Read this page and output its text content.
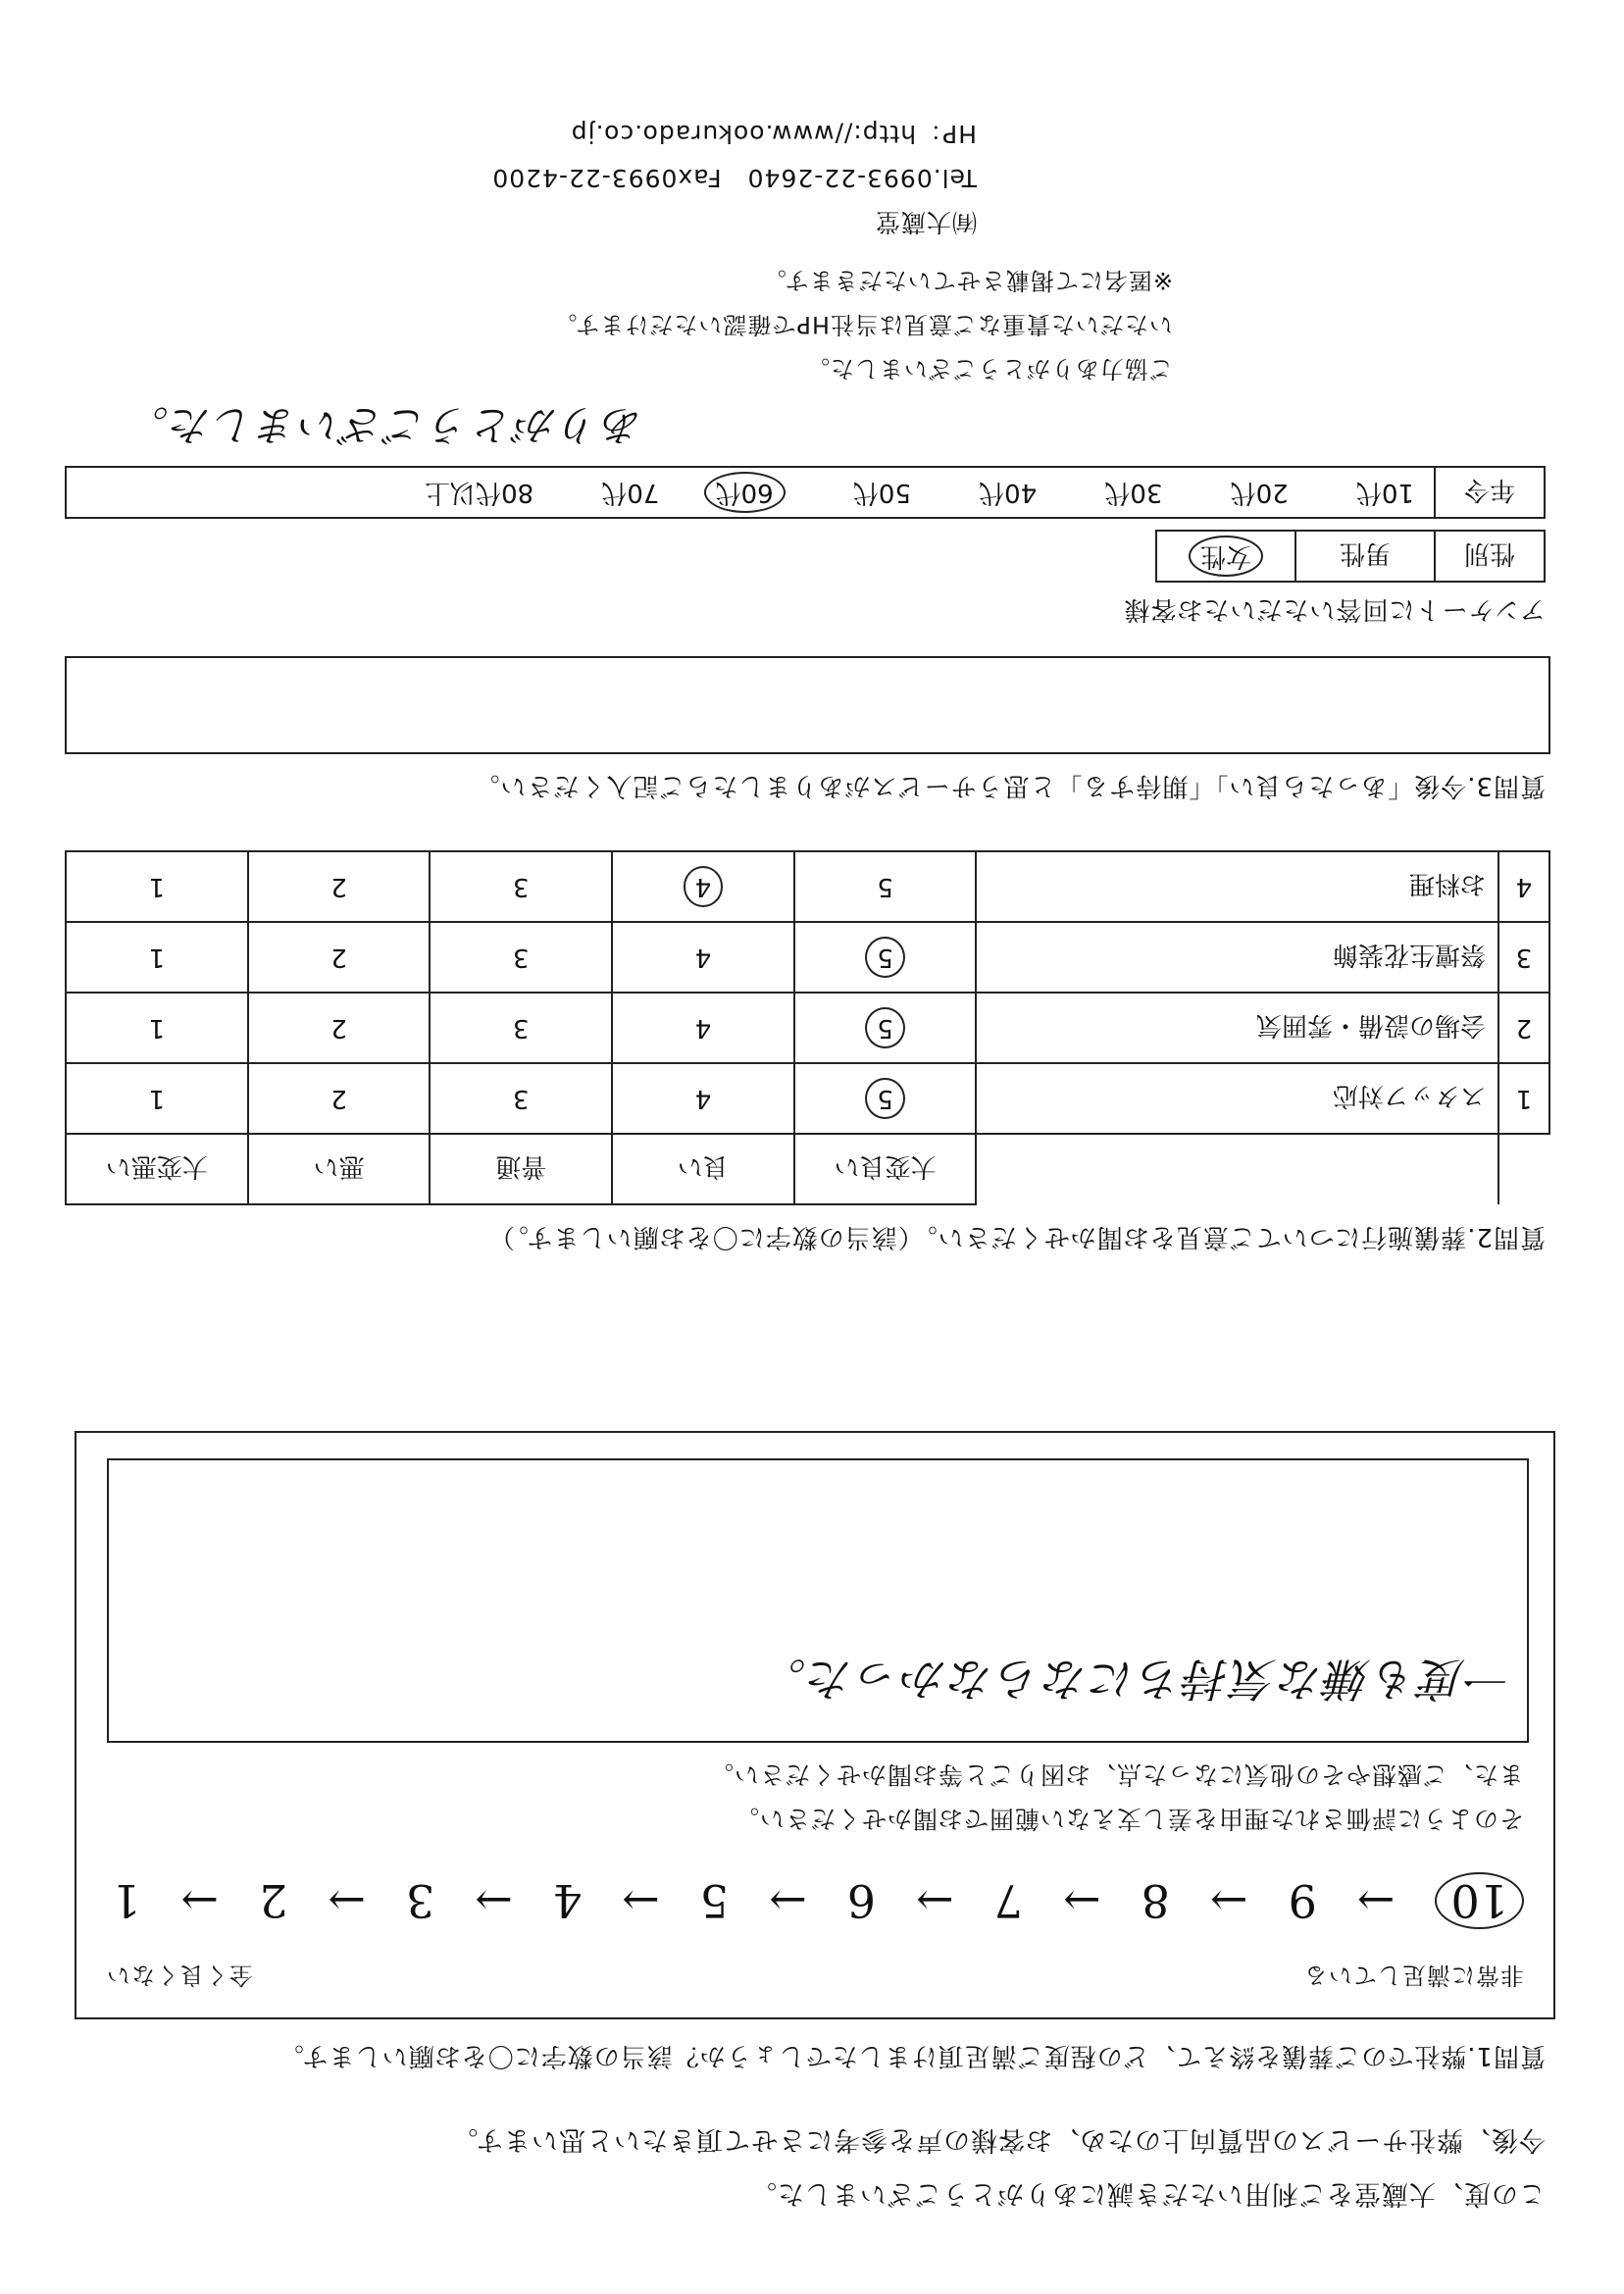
この度、大蔵堂をご利用いただき誠にありがとうございました。
今後、弊社サービスの品質向上のため、お客様の声を参考にさせて頂きたいと思います。
質問1.弊社でのご葬儀を終えて、どの程度ご満足頂けましたでしょうか？該当の数字に〇をお願いします。
非常に満足している
全く良くない
10
→
9
→
8
→
7
→
6
→
5
→
4
→
3
→
2
→
1
そのように評価された理由を差し支えない範囲でお聞かせください。
また、ご感想やその他気になった点、お困りごと等お聞かせください。
一度も嫌な気持ちにならなかった。
質問2.葬儀施行についてご意見をお聞かせください。（該当の数字に〇をお願いします。）
		大変良い	良い	普通	悪い	大変悪い
1	スタッフ対応	5	4	3	2	1
2	会場の設備・雰囲気	5	4	3	2	1
3	祭壇生花装飾	5	4	3	2	1
4	お料理	5	4	3	2	1
質問3.今後「あったら良い」「期待する」と思うサービスがありましたらご記入ください。
アンケートに回答いただいたお客様
性別	男性	女性
年令	10代 20代 30代 40代 50代 60代 70代 80代以上
ありがとうございました。
ご協力ありがとうございました。
いただいた貴重なご意見は当社HPで確認いただけます。
※匿名にて掲載させていただきます。
㈲大蔵堂
Tel.0993-22-2640　Fax0993-22-4200
HP：http://www.ookurado.co.jp
